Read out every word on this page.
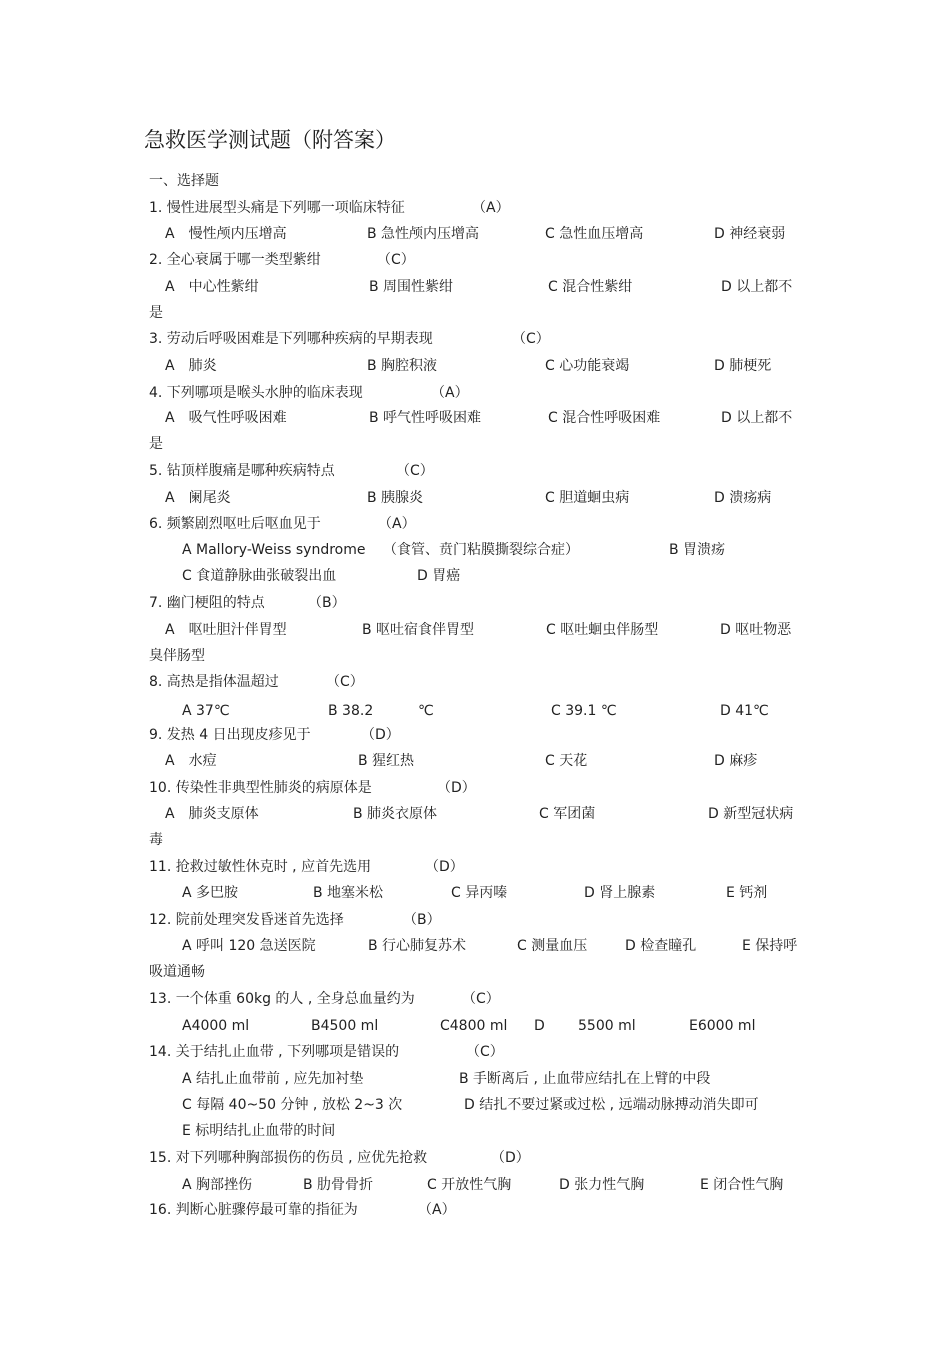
急救医学测试题（附答案）
一、选择题
1. 慢性进展型头痛是下列哪一项临床特征	（A）
A　慢性颅内压增高	B 急性颅内压增高	C 急性血压增高	D 神经衰弱
2. 全心衰属于哪一类型紫绀	（C）
A　中心性紫绀	B 周围性紫绀	C 混合性紫绀	D 以上都不
是
3. 劳动后呼吸困难是下列哪种疾病的早期表现	（C）
A　肺炎	B 胸腔积液	C 心功能衰竭	D 肺梗死
4. 下列哪项是喉头水肿的临床表现	（A）
A　吸气性呼吸困难	B 呼气性呼吸困难	C 混合性呼吸困难	D 以上都不
是
5. 钻顶样腹痛是哪种疾病特点	（C）
A　阑尾炎	B 胰腺炎	C 胆道蛔虫病	D 溃疡病
6. 频繁剧烈呕吐后呕血见于	（A）
A Mallory-Weiss syndrome （食管、贲门粘膜撕裂综合症）	B 胃溃疡
C 食道静脉曲张破裂出血	D 胃癌
7. 幽门梗阻的特点	（B）
A　呕吐胆汁伴胃型	B 呕吐宿食伴胃型	C 呕吐蛔虫伴肠型	D 呕吐物恶
臭伴肠型
8. 高热是指体温超过	（C）
A 37℃	B 38.2	℃	C 39.1 ℃	D 41℃
9. 发热 4 日出现皮疹见于	（D）
A　水痘	B 猩红热	C 天花	D 麻疹
10. 传染性非典型性肺炎的病原体是	（D）
A　肺炎支原体	B 肺炎衣原体	C 军团菌	D 新型冠状病
毒
11. 抢救过敏性休克时 , 应首先选用	（D）
A 多巴胺	B 地塞米松	C 异丙嗪	D 肾上腺素	E 钙剂
12. 院前处理突发昏迷首先选择	（B）
A 呼叫 120 急送医院	B 行心肺复苏术	C 测量血压	D 检查瞳孔	E 保持呼
吸道通畅
13. 一个体重 60kg 的人 , 全身总血量约为	（C）
A4000 ml	B4500 ml	C4800 ml D 5500 ml	E6000 ml
14. 关于结扎止血带 , 下列哪项是错误的	（C）
A 结扎止血带前 , 应先加衬垫	B 手断离后 , 止血带应结扎在上臂的中段
C 每隔 40~50 分钟 , 放松 2~3 次	D 结扎不要过紧或过松 , 远端动脉搏动消失即可
E 标明结扎止血带的时间
15. 对下列哪种胸部损伤的伤员 , 应优先抢救	（D）
A 胸部挫伤	B 肋骨骨折	C 开放性气胸	D 张力性气胸	E 闭合性气胸
16. 判断心脏骤停最可靠的指征为	（A）
